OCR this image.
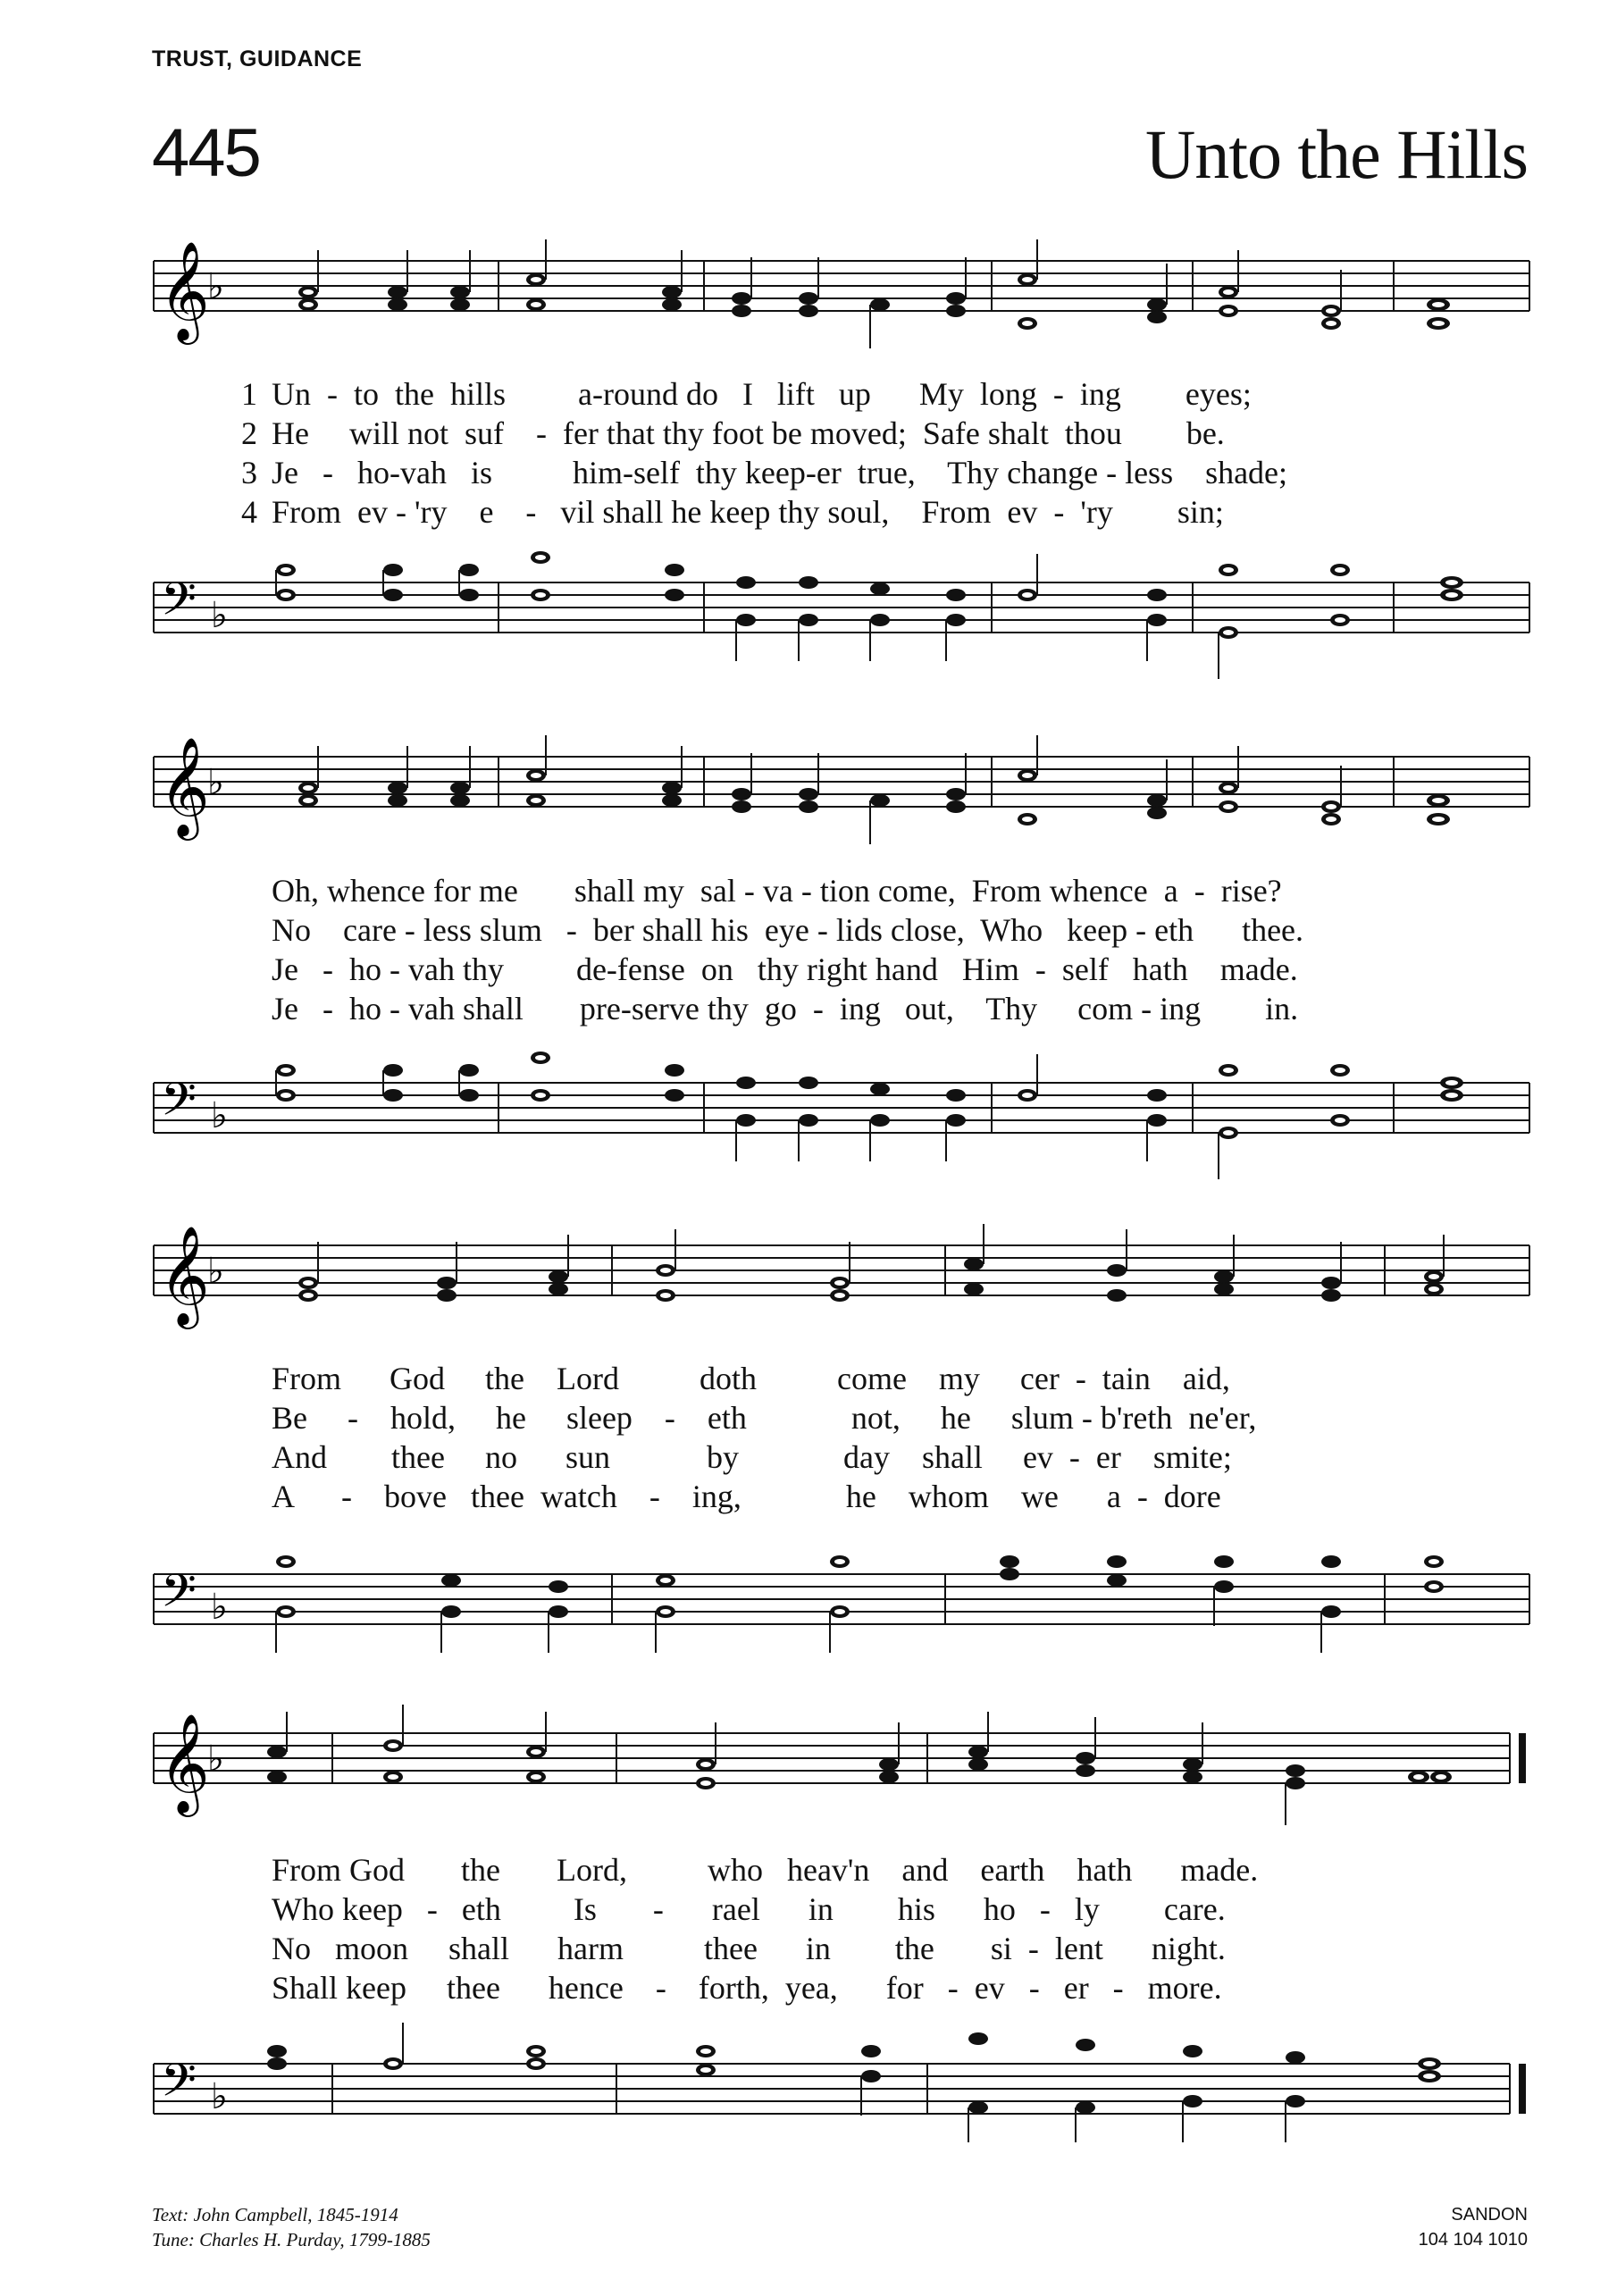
TRUST, GUIDANCE
445	Unto the Hills
𝄞
♭
1 Un  -  to  the  hills         a-round do   I   lift   up      My  long  -  ing        eyes;
2 He     will not  suf    -  fer that thy foot be moved;  Safe shalt  thou        be.
3 Je   -   ho-vah   is          him-self  thy keep-er  true,    Thy change - less    shade;
4 From  ev - 'ry    e    -   vil shall he keep thy soul,    From  ev  -  'ry        sin;
𝄢 ♭
𝄞
♭
Oh, whence for me       shall my  sal - va - tion come,  From whence  a  -  rise?
No    care - less slum   -  ber shall his  eye - lids close,  Who   keep - eth      thee.
Je   -  ho - vah thy         de-fense  on   thy right hand   Him  -  self   hath    made.
Je   -  ho - vah shall       pre-serve thy  go  -  ing   out,    Thy     com - ing        in.
𝄢 ♭
𝄞
♭
From      God     the    Lord          doth          come    my     cer  -  tain    aid,
Be     -    hold,     he     sleep    -    eth             not,     he     slum - b'reth  ne'er,
And        thee     no      sun            by             day    shall     ev  -  er    smite;
A      -    bove   thee  watch    -    ing,             he    whom    we      a  -  dore
𝄢 ♭
𝄞
♭
From God       the       Lord,          who   heav'n    and    earth    hath      made.
Who keep   -   eth         Is       -      rael      in        his      ho   -   ly        care.
No   moon     shall      harm          thee      in        the       si  -  lent      night.
Shall keep     thee      hence    -    forth,  yea,      for   -  ev   -   er   -   more.
𝄢 ♭
Text: John Campbell, 1845-1914
Tune: Charles H. Purday, 1799-1885
SANDON
104 104 1010
